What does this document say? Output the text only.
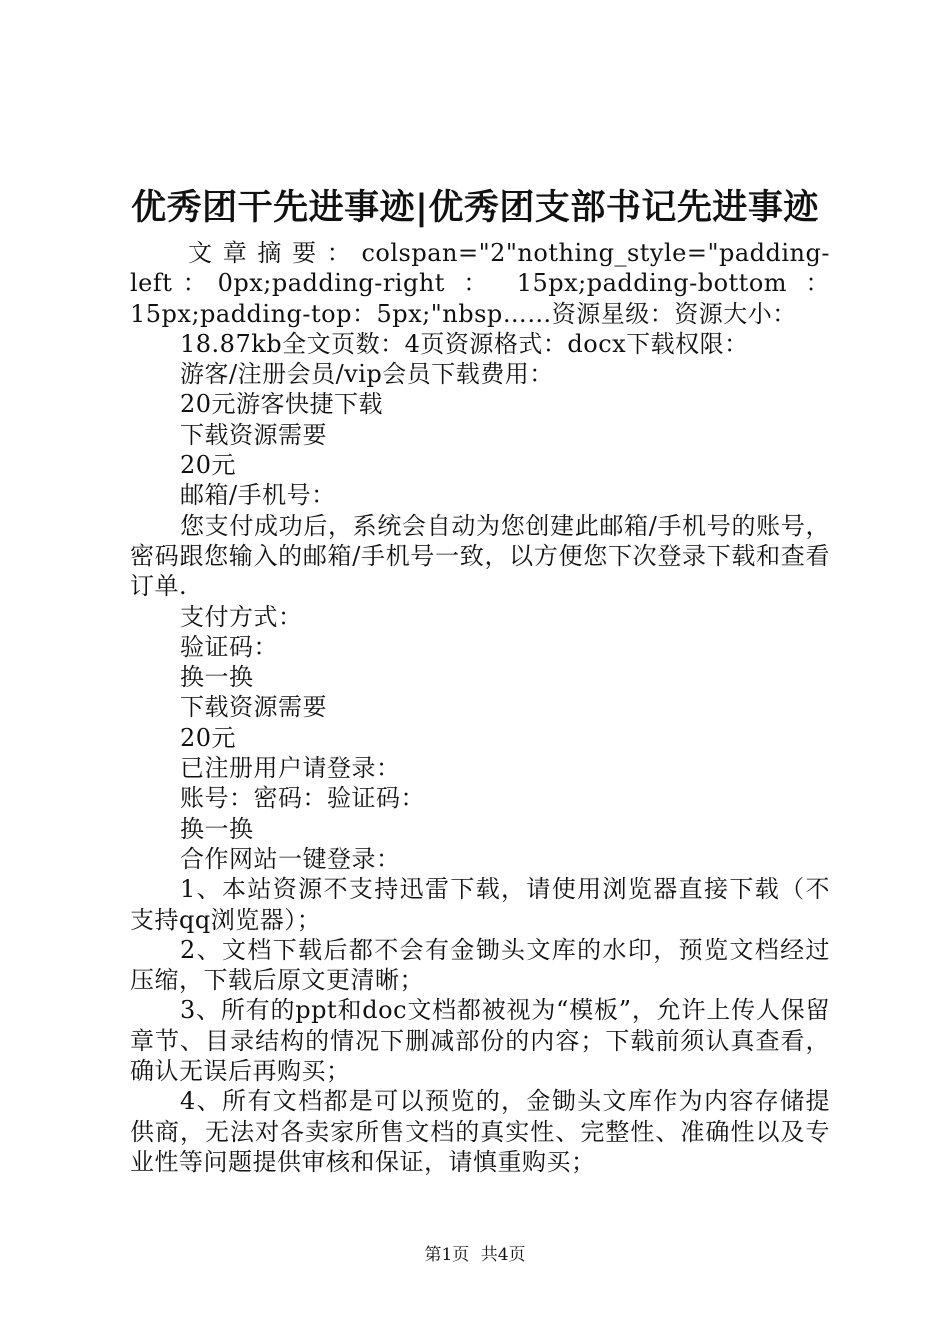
优秀团干先进事迹|优秀团支部书记先进事迹

文章摘要：colspan="2"nothing_style="padding-left：0px;padding-right ： 15px;padding-bottom ： 15px;padding-top：5px;"nbsp……资源星级：资源大小：

18.87kb全文页数：4页资源格式：docx下载权限：

游客/注册会员/vip会员下载费用：

20元游客快捷下载

下载资源需要

20元

邮箱/手机号：

您支付成功后，系统会自动为您创建此邮箱/手机号的账号，密码跟您输入的邮箱/手机号一致，以方便您下次登录下载和查看订单.

支付方式：

验证码：

换一换

下载资源需要

20元

已注册用户请登录：

账号：密码：验证码：

换一换

合作网站一键登录：

1、本站资源不支持迅雷下载，请使用浏览器直接下载（不支持qq浏览器）；

2、文档下载后都不会有金锄头文库的水印，预览文档经过压缩，下载后原文更清晰；

3、所有的ppt和doc文档都被视为“模板”，允许上传人保留章节、目录结构的情况下删减部份的内容；下载前须认真查看，确认无误后再购买；

4、所有文档都是可以预览的，金锄头文库作为内容存储提供商，无法对各卖家所售文档的真实性、完整性、准确性以及专业性等问题提供审核和保证，请慎重购买；

第1页 共4页
